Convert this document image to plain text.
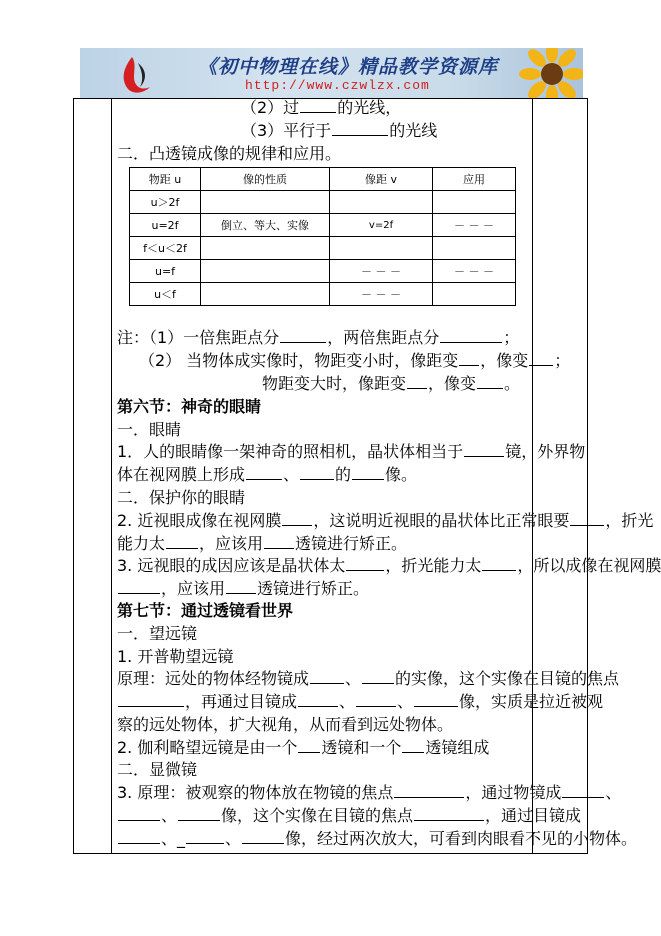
《初中物理在线》精品教学资源库
http://www.czwlzx.com
（2）过 的光线，
（3）平行于	的光线
二．凸透镜成像的规律和应用。
物距 u	像的性质	像距 v	应用
u＞2f			
u=2f	倒立、等大、实像	v=2f	－ － －
f＜u＜2f			
u=f		－ － －	－ － －
u＜f		－ － －	
注：（1）一倍焦距点分	，两倍焦距点分	；
（2） 当物体成实像时，物距变小时，像距变 ，像变 ；
物距变大时，像距变 ，像变 。
第六节：神奇的眼睛
一．眼睛
1．人的眼睛像一架神奇的照相机，晶状体相当于	镜，外界物
体在视网膜上形成 、 的 像。
二．保护你的眼睛
2. 近视眼成像在视网膜 ，这说明近视眼的晶状体比正常眼要 ，折光
能力太 ，应该用 透镜进行矫正。
3. 远视眼的成因应该是晶状体太	，折光能力太 ，所以成像在视网膜
，应该用 透镜进行矫正。
第七节：通过透镜看世界
一．望远镜
1. 开普勒望远镜
原理：远处的物体经物镜成 、 的实像，这个实像在目镜的焦点
，再通过目镜成	、	、	像，实质是拉近被观
察的远处物体，扩大视角，从而看到远处物体。
2. 伽利略望远镜是由一个 透镜和一个 透镜组成
二．显微镜
3. 原理：被观察的物体放在物镜的焦点	，通过物镜成	、
、	像，这个实像在目镜的焦点	，通过目镜成
、_	、	像，经过两次放大，可看到肉眼看不见的小物体。
